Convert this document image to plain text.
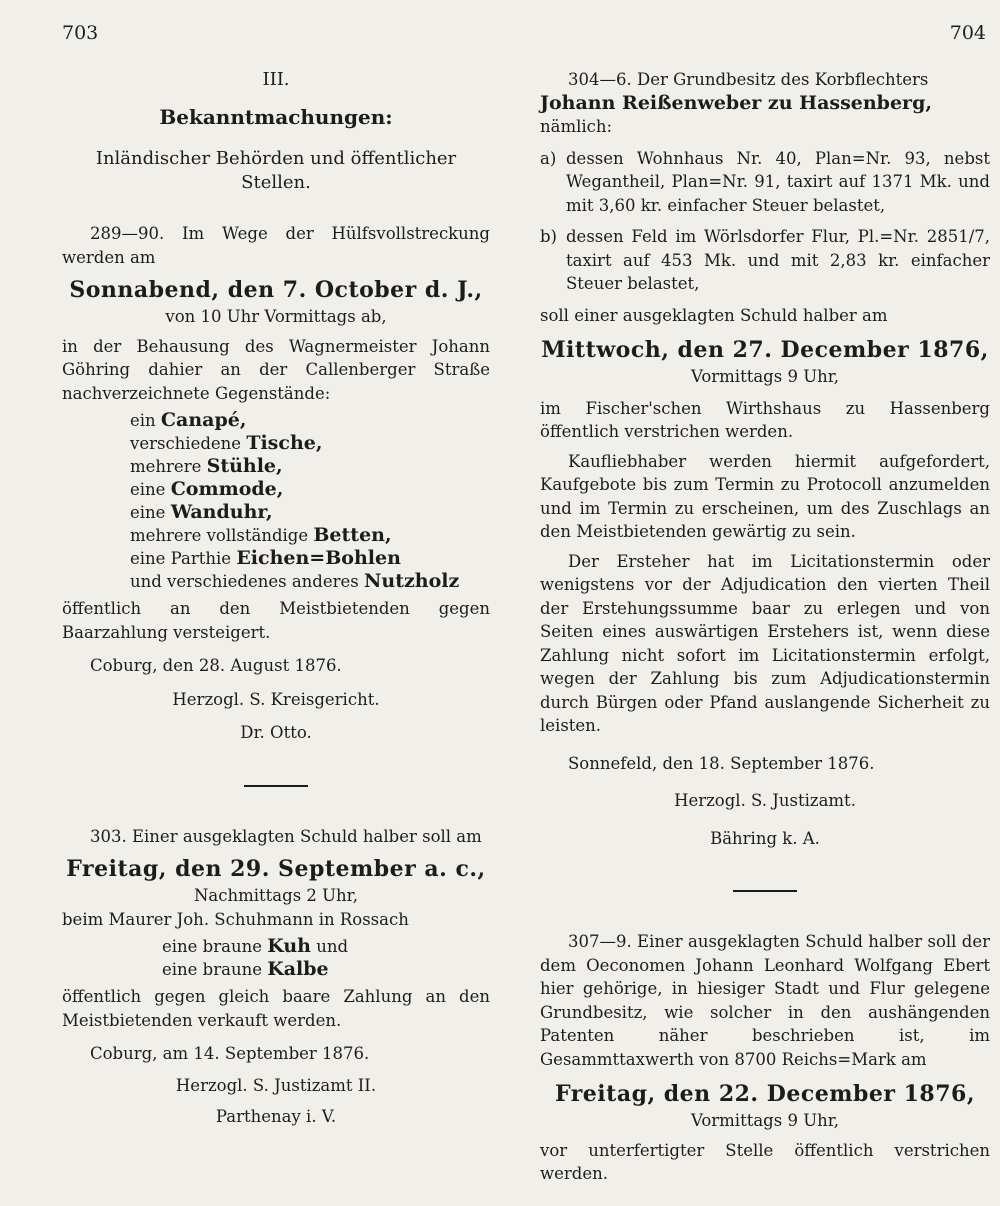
703	704
III.
Bekanntmachungen:
Inländischer Behörden und öffentlicher Stellen.
289—90. Im Wege der Hülfsvollstreckung werden am
Sonnabend, den 7. October d. J.,
von 10 Uhr Vormittags ab,
in der Behausung des Wagnermeister Johann Göhring dahier an der Callenberger Straße nachverzeichnete Gegenstände:
ein Canapé,
verschiedene Tische,
mehrere Stühle,
eine Commode,
eine Wanduhr,
mehrere vollständige Betten,
eine Parthie Eichen=Bohlen
und verschiedenes anderes Nutzholz
öffentlich an den Meistbietenden gegen Baarzahlung versteigert.
Coburg, den 28. August 1876.
Herzogl. S. Kreisgericht.
Dr. Otto.
303. Einer ausgeklagten Schuld halber soll am
Freitag, den 29. September a. c.,
Nachmittags 2 Uhr,
beim Maurer Joh. Schuhmann in Rossach
eine braune Kuh und
eine braune Kalbe
öffentlich gegen gleich baare Zahlung an den Meistbietenden verkauft werden.
Coburg, am 14. September 1876.
Herzogl. S. Justizamt II.
Parthenay i. V.
304—6. Der Grundbesitz des Korbflechters
Johann Reißenweber zu Hassenberg,
nämlich:
a) dessen Wohnhaus Nr. 40, Plan=Nr. 93, nebst Wegantheil, Plan=Nr. 91, taxirt auf 1371 Mk. und mit 3,60 kr. einfacher Steuer belastet,
b) dessen Feld im Wörlsdorfer Flur, Pl.=Nr. 2851/7, taxirt auf 453 Mk. und mit 2,83 kr. einfacher Steuer belastet,
soll einer ausgeklagten Schuld halber am
Mittwoch, den 27. December 1876,
Vormittags 9 Uhr,
im Fischer'schen Wirthshaus zu Hassenberg öffentlich verstrichen werden.
Kaufliebhaber werden hiermit aufgefordert, Kaufgebote bis zum Termin zu Protocoll anzumelden und im Termin zu erscheinen, um des Zuschlags an den Meistbietenden gewärtig zu sein.
Der Ersteher hat im Licitationstermin oder wenigstens vor der Adjudication den vierten Theil der Erstehungssumme baar zu erlegen und von Seiten eines auswärtigen Erstehers ist, wenn diese Zahlung nicht sofort im Licitationstermin erfolgt, wegen der Zahlung bis zum Adjudicationstermin durch Bürgen oder Pfand auslangende Sicherheit zu leisten.
Sonnefeld, den 18. September 1876.
Herzogl. S. Justizamt.
Bähring k. A.
307—9. Einer ausgeklagten Schuld halber soll der dem Oeconomen Johann Leonhard Wolfgang Ebert hier gehörige, in hiesiger Stadt und Flur gelegene Grundbesitz, wie solcher in den aushängenden Patenten näher beschrieben ist, im Gesammttaxwerth von 8700 Reichs=Mark am
Freitag, den 22. December 1876,
Vormittags 9 Uhr,
vor unterfertigter Stelle öffentlich verstrichen werden.
